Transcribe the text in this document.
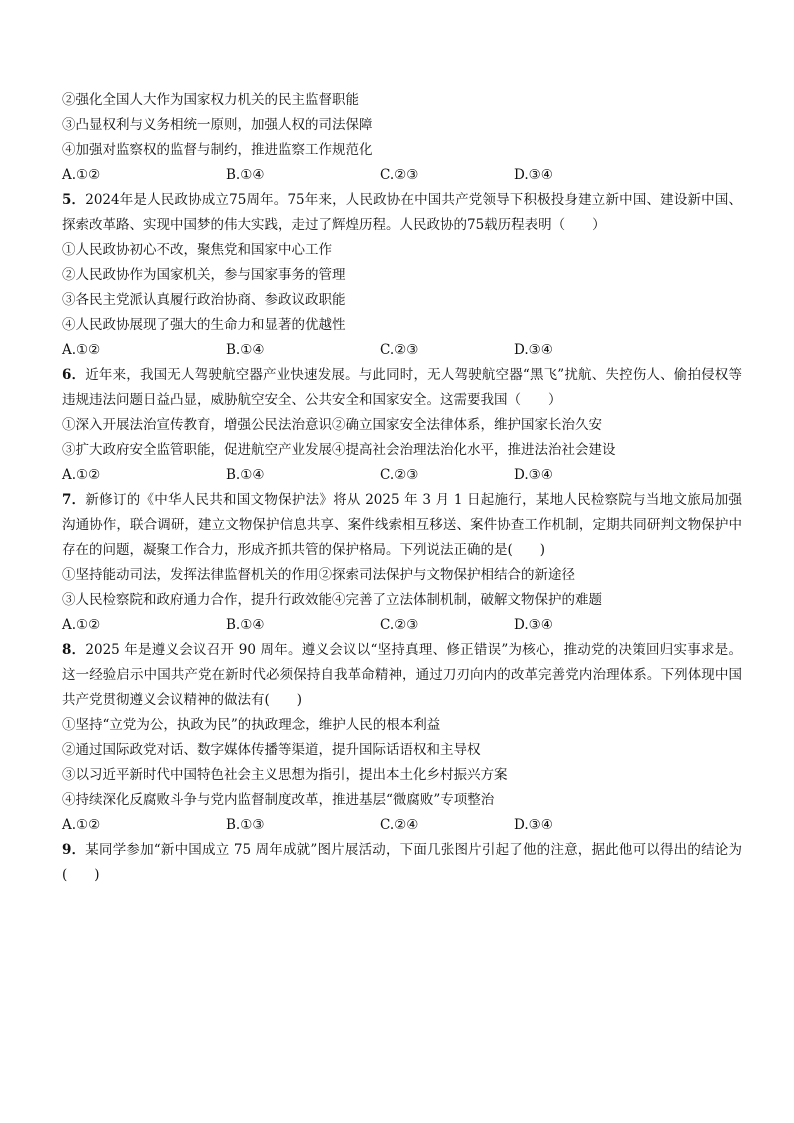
②强化全国人大作为国家权力机关的民主监督职能
③凸显权利与义务相统一原则，加强人权的司法保障
④加强对监察权的监督与制约，推进监察工作规范化
A.①②	B.①④	C.②③	D.③④
5．2024年是人民政协成立75周年。75年来，人民政协在中国共产党领导下积极投身建立新中国、建设新中国、探索改革路、实现中国梦的伟大实践，走过了辉煌历程。人民政协的75载历程表明（　　）
①人民政协初心不改，聚焦党和国家中心工作
②人民政协作为国家机关，参与国家事务的管理
③各民主党派认真履行政治协商、参政议政职能
④人民政协展现了强大的生命力和显著的优越性
A.①②	B.①④	C.②③	D.③④
6．近年来，我国无人驾驶航空器产业快速发展。与此同时，无人驾驶航空器“黑飞”扰航、失控伤人、偷拍侵权等违规违法问题日益凸显，威胁航空安全、公共安全和国家安全。这需要我国（　　）
①深入开展法治宣传教育，增强公民法治意识②确立国家安全法律体系，维护国家长治久安
③扩大政府安全监管职能，促进航空产业发展④提高社会治理法治化水平，推进法治社会建设
A.①②	B.①④	C.②③	D.③④
7．新修订的《中华人民共和国文物保护法》将从 2025 年 3 月 1 日起施行，某地人民检察院与当地文旅局加强沟通协作，联合调研，建立文物保护信息共享、案件线索相互移送、案件协查工作机制，定期共同研判文物保护中存在的问题，凝聚工作合力，形成齐抓共管的保护格局。下列说法正确的是(　　)
①坚持能动司法，发挥法律监督机关的作用②探索司法保护与文物保护相结合的新途径
③人民检察院和政府通力合作，提升行政效能④完善了立法体制机制，破解文物保护的难题
A.①②	B.①④	C.②③	D.③④
8．2025 年是遵义会议召开 90 周年。遵义会议以“坚持真理、修正错误”为核心，推动党的决策回归实事求是。这一经验启示中国共产党在新时代必须保持自我革命精神，通过刀刃向内的改革完善党内治理体系。下列体现中国共产党贯彻遵义会议精神的做法有(　　)
①坚持“立党为公，执政为民”的执政理念，维护人民的根本利益
②通过国际政党对话、数字媒体传播等渠道，提升国际话语权和主导权
③以习近平新时代中国特色社会主义思想为指引，提出本土化乡村振兴方案
④持续深化反腐败斗争与党内监督制度改革，推进基层“微腐败”专项整治
A.①②	B.①③	C.②④	D.③④
9．某同学参加“新中国成立 75 周年成就”图片展活动，下面几张图片引起了他的注意，据此他可以得出的结论为(　　)
